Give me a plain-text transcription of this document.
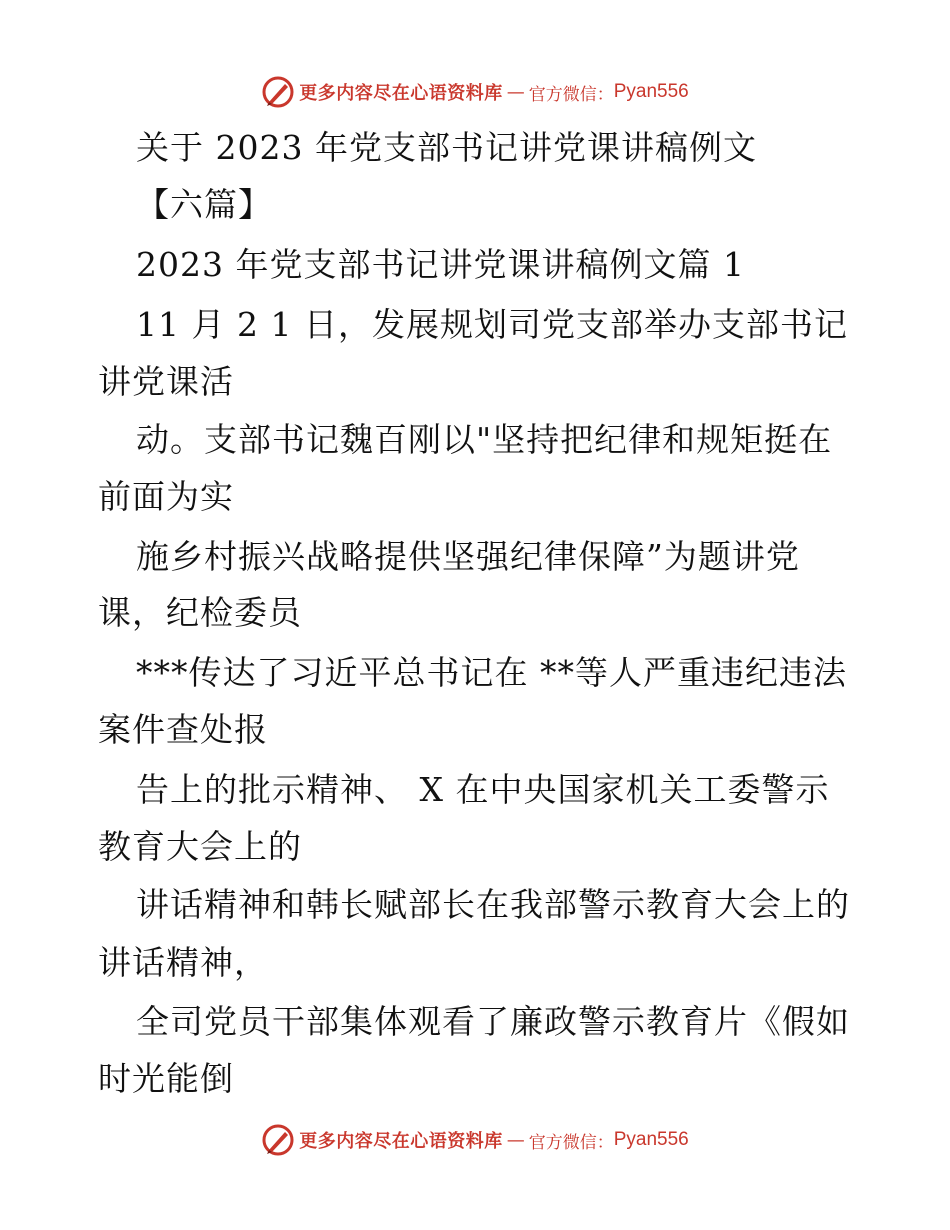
更多内容尽在心语资料库 — 官方微信： Pyan556
关于 2023 年党支部书记讲党课讲稿例文
【六篇】
2023 年党支部书记讲党课讲稿例文篇 1
11 月 2 1 日，发展规划司党支部举办支部书记
讲党课活
动。支部书记魏百刚以"坚持把纪律和规矩挺在
前面为实
施乡村振兴战略提供坚强纪律保障”为题讲党
课，纪检委员
***传达了习近平总书记在 **等人严重违纪违法
案件查处报
告上的批示精神、 X 在中央国家机关工委警示
教育大会上的
讲话精神和韩长赋部长在我部警示教育大会上的
讲话精神，
全司党员干部集体观看了廉政警示教育片《假如
时光能倒
更多内容尽在心语资料库 — 官方微信： Pyan556
